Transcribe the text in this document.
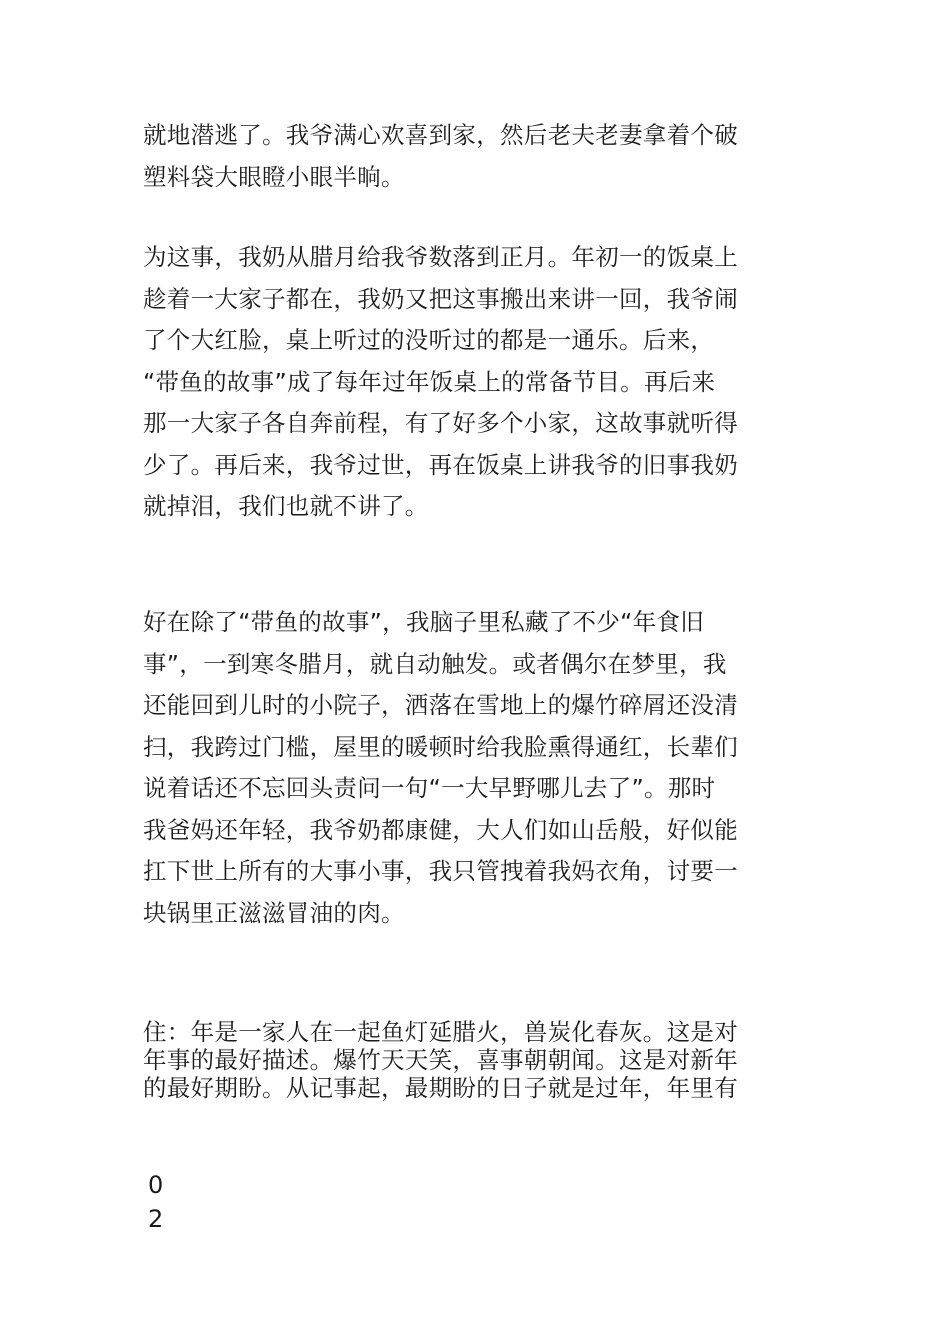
就地潜逃了。我爷满心欢喜到家，然后老夫老妻拿着个破
塑料袋大眼瞪小眼半晌。

为这事，我奶从腊月给我爷数落到正月。年初一的饭桌上
趁着一大家子都在，我奶又把这事搬出来讲一回，我爷闹
了个大红脸，桌上听过的没听过的都是一通乐。后来，
“带鱼的故事”成了每年过年饭桌上的常备节目。再后来
那一大家子各自奔前程，有了好多个小家，这故事就听得
少了。再后来，我爷过世，再在饭桌上讲我爷的旧事我奶
就掉泪，我们也就不讲了。

好在除了“带鱼的故事”，我脑子里私藏了不少“年食旧
事”，一到寒冬腊月，就自动触发。或者偶尔在梦里，我
还能回到儿时的小院子，洒落在雪地上的爆竹碎屑还没清
扫，我跨过门槛，屋里的暖顿时给我脸熏得通红，长辈们
说着话还不忘回头责问一句“一大早野哪儿去了”。那时
我爸妈还年轻，我爷奶都康健，大人们如山岳般，好似能
扛下世上所有的大事小事，我只管拽着我妈衣角，讨要一
块锅里正滋滋冒油的肉。

住：年是一家人在一起鱼灯延腊火，兽炭化春灰。这是对
年事的最好描述。爆竹天天笑，喜事朝朝闻。这是对新年
的最好期盼。从记事起，最期盼的日子就是过年，年里有

0
2
